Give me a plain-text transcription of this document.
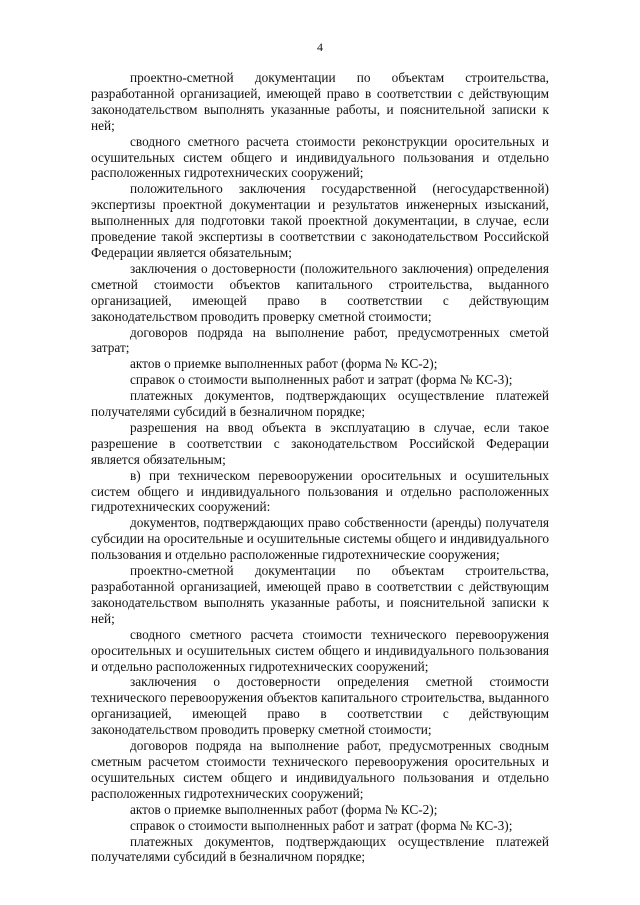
4

проектно-сметной документации по объектам строительства, разработанной организацией, имеющей право в соответствии с действующим законодательством выполнять указанные работы, и пояснительной записки к ней;

сводного сметного расчета стоимости реконструкции оросительных и осушительных систем общего и индивидуального пользования и отдельно расположенных гидротехнических сооружений;

положительного заключения государственной (негосударственной) экспертизы проектной документации и результатов инженерных изысканий, выполненных для подготовки такой проектной документации, в случае, если проведение такой экспертизы в соответствии с законодательством Российской Федерации является обязательным;

заключения о достоверности (положительного заключения) определения сметной стоимости объектов капитального строительства, выданного организацией, имеющей право в соответствии с действующим законодательством проводить проверку сметной стоимости;

договоров подряда на выполнение работ, предусмотренных сметой затрат;

актов о приемке выполненных работ (форма № КС-2);

справок о стоимости выполненных работ и затрат (форма № КС-3);

платежных документов, подтверждающих осуществление платежей получателями субсидий в безналичном порядке;

разрешения на ввод объекта в эксплуатацию в случае, если такое разрешение в соответствии с законодательством Российской Федерации является обязательным;

в) при техническом перевооружении оросительных и осушительных систем общего и индивидуального пользования и отдельно расположенных гидротехнических сооружений:

документов, подтверждающих право собственности (аренды) получателя субсидии на оросительные и осушительные системы общего и индивидуального пользования и отдельно расположенные гидротехнические сооружения;

проектно-сметной документации по объектам строительства, разработанной организацией, имеющей право в соответствии с действующим законодательством выполнять указанные работы, и пояснительной записки к ней;

сводного сметного расчета стоимости технического перевооружения оросительных и осушительных систем общего и индивидуального пользования и отдельно расположенных гидротехнических сооружений;

заключения о достоверности определения сметной стоимости технического перевооружения объектов капитального строительства, выданного организацией, имеющей право в соответствии с действующим законодательством проводить проверку сметной стоимости;

договоров подряда на выполнение работ, предусмотренных сводным сметным расчетом стоимости технического перевооружения оросительных и осушительных систем общего и индивидуального пользования и отдельно расположенных гидротехнических сооружений;

актов о приемке выполненных работ (форма № КС-2);

справок о стоимости выполненных работ и затрат (форма № КС-3);

платежных документов, подтверждающих осуществление платежей получателями субсидий в безналичном порядке;
